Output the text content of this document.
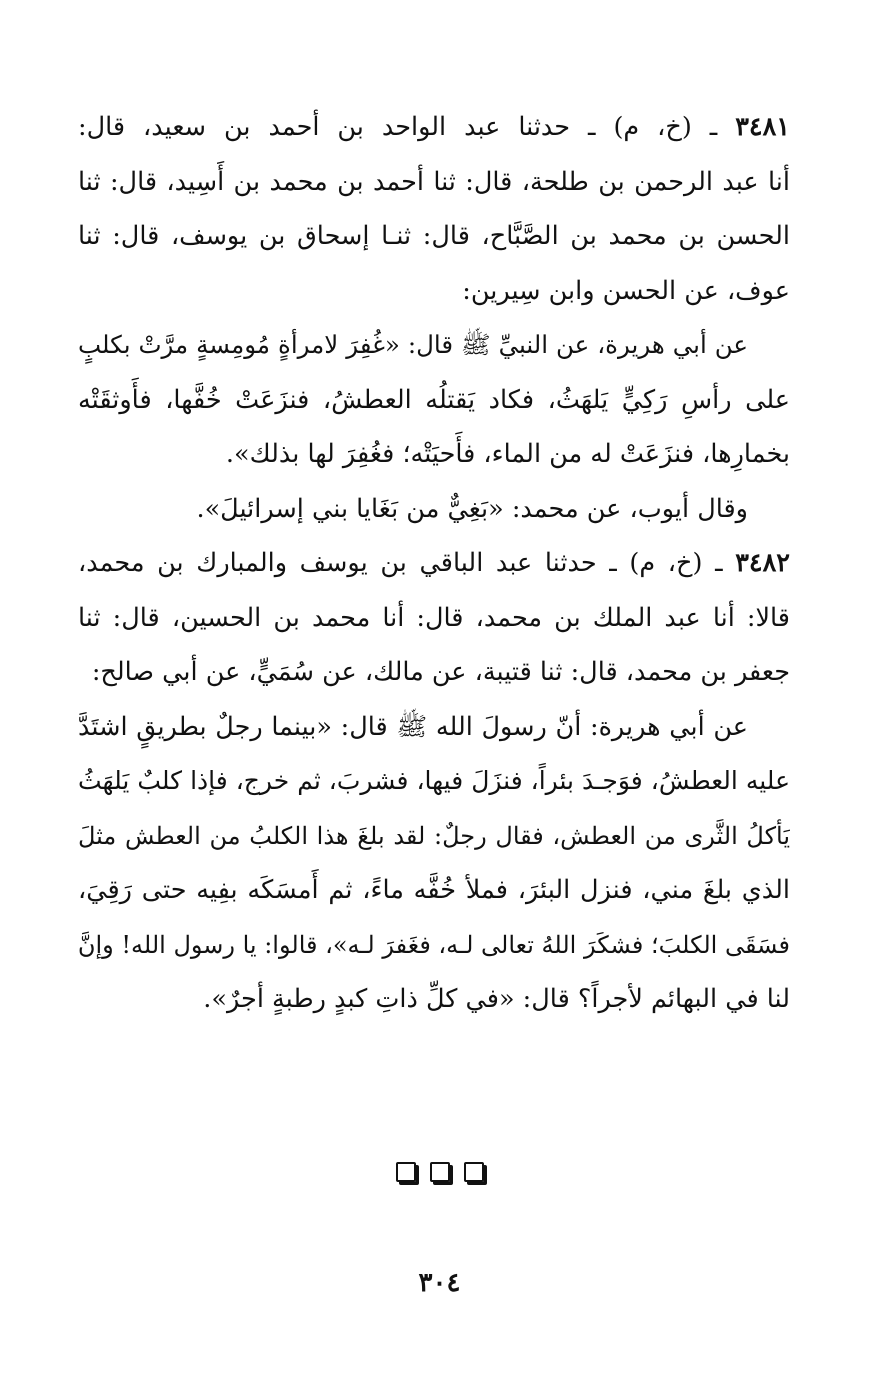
٣٤٨١ ـ (خ، م) ـ حدثنا عبد الواحد بن أحمد بن سعيد، قال:
أنا عبد الرحمن بن طلحة، قال: ثنا أحمد بن محمد بن أَسِيد، قال: ثنا
الحسن بن محمد بن الصَّبَّاح، قال: ثنـا إسحاق بن يوسف، قال: ثنا
عوف، عن الحسن وابن سِيرين:
عن أبي هريرة، عن النبيِّ ﷺ قال: «غُفِرَ لامرأةٍ مُومِسةٍ مرَّتْ بكلبٍ
على رأسِ رَكِيٍّ يَلهَثُ، فكاد يَقتلُه العطشُ، فنزَعَتْ خُفَّها، فأَوثقَتْه
بخمارِها، فنزَعَتْ له من الماء، فأَحيَتْه؛ فغُفِرَ لها بذلك».
وقال أيوب، عن محمد: «بَغِيٌّ من بَغَايا بني إسرائيلَ».
٣٤٨٢ ـ (خ، م) ـ حدثنا عبد الباقي بن يوسف والمبارك بن محمد،
قالا: أنا عبد الملك بن محمد، قال: أنا محمد بن الحسين، قال: ثنا
جعفر بن محمد، قال: ثنا قتيبة، عن مالك، عن سُمَيٍّ، عن أبي صالح:
عن أبي هريرة: أنّ رسولَ الله ﷺ قال: «بينما رجلٌ بطريقٍ اشتَدَّ
عليه العطشُ، فوَجـدَ بئراً، فنزَلَ فيها، فشربَ، ثم خرج، فإذا كلبٌ يَلهَثُ
يَأكلُ الثَّرى من العطش، فقال رجلٌ: لقد بلغَ هذا الكلبُ من العطش مثلَ
الذي بلغَ مني، فنزل البئرَ، فملأ خُفَّه ماءً، ثم أَمسَكَه بفِيه حتى رَقِيَ،
فسَقَى الكلبَ؛ فشكَرَ اللهُ تعالى لـه، فغَفرَ لـه»، قالوا: يا رسول الله! وإنَّ
لنا في البهائم لأجراً؟ قال: «في كلِّ ذاتِ كبدٍ رطبةٍ أجرٌ».
٣٠٤
